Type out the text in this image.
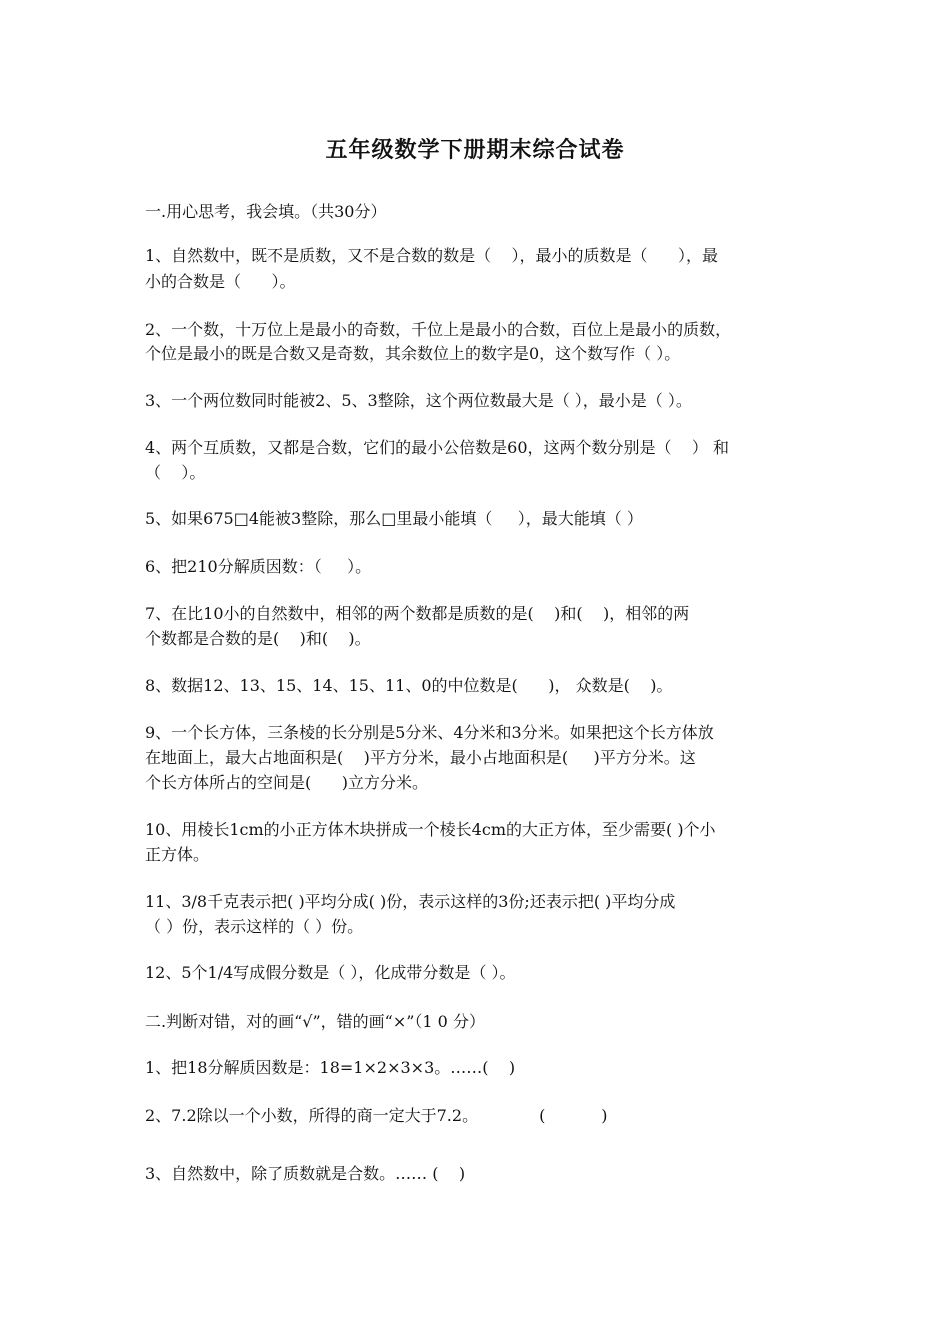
五年级数学下册期末综合试卷

一.用心思考，我会填。（共30分）

1、自然数中，既不是质数，又不是合数的数是（    ），最小的质数是（      ），最

小的合数是（      ）。

2、一个数，十万位上是最小的奇数，千位上是最小的合数，百位上是最小的质数，

个位是最小的既是合数又是奇数，其余数位上的数字是0，这个数写作（ ）。

3、一个两位数同时能被2、5、3整除，这个两位数最大是（ ），最小是（ ）。

4、两个互质数，又都是合数，它们的最小公倍数是60，这两个数分别是（    ） 和

（    ）。

5、如果675□4能被3整除，那么□里最小能填（     ），最大能填（ ）

6、把210分解质因数：（     ）。

7、在比10小的自然数中，相邻的两个数都是质数的是(    )和(    )，相邻的两

个数都是合数的是(    )和(    )。

8、数据12、13、15、14、15、11、0的中位数是(      )， 众数是(    )。

9、一个长方体，三条棱的长分别是5分米、4分米和3分米。如果把这个长方体放

在地面上，最大占地面积是(    )平方分米，最小占地面积是(     )平方分米。这

个长方体所占的空间是(      )立方分米。

10、用棱长1cm的小正方体木块拼成一个棱长4cm的大正方体，至少需要( )个小

正方体。

11、3/8千克表示把( )平均分成( )份，表示这样的3份;还表示把( )平均分成

（ ）份，表示这样的（ ）份。

12、5个1/4写成假分数是（ ），化成带分数是（ ）。

二.判断对错，对的画“√”，错的画“×”（1 0 分）

1、把18分解质因数是：18=1×2×3×3。……(    )

2、7.2除以一个小数，所得的商一定大于7.2。            (           )

3、自然数中，除了质数就是合数。…… (    )
